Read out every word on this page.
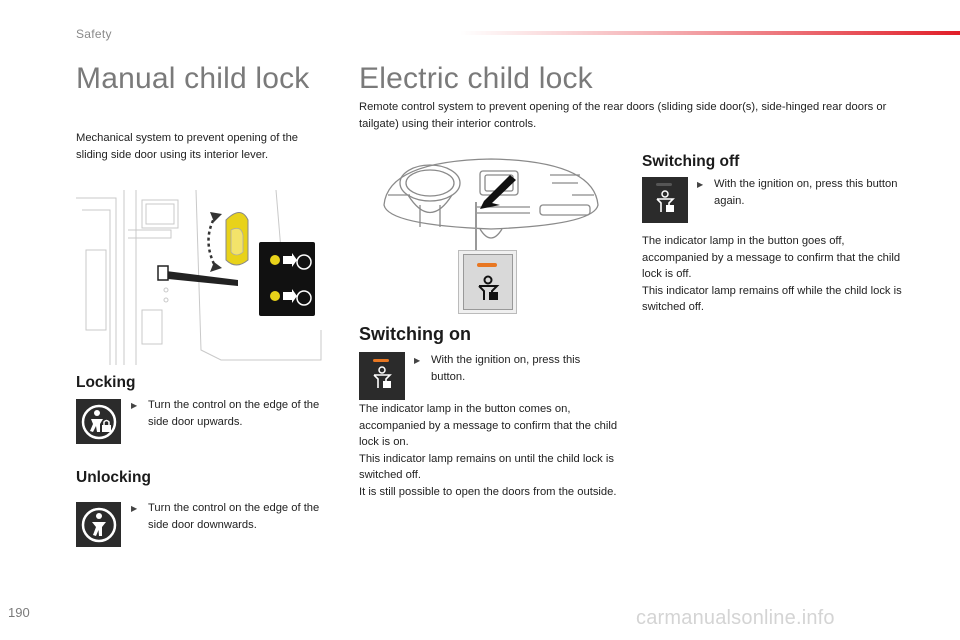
Safety
Manual child lock
Mechanical system to prevent opening of the sliding side door using its interior lever.
Locking
▶ Turn the control on the edge of the side door upwards.
Unlocking
▶ Turn the control on the edge of the side door downwards.
Electric child lock
Remote control system to prevent opening of the rear doors (sliding side door(s), side-hinged rear doors or tailgate) using their interior controls.
Switching on
▶ With the ignition on, press this button.
The indicator lamp in the button comes on, accompanied by a message to confirm that the child lock is on.
This indicator lamp remains on until the child lock is switched off.
It is still possible to open the doors from the outside.
Switching off
▶ With the ignition on, press this button again.
The indicator lamp in the button goes off, accompanied by a message to confirm that the child lock is off.
This indicator lamp remains off while the child lock is switched off.
190	carmanualsonline.info
